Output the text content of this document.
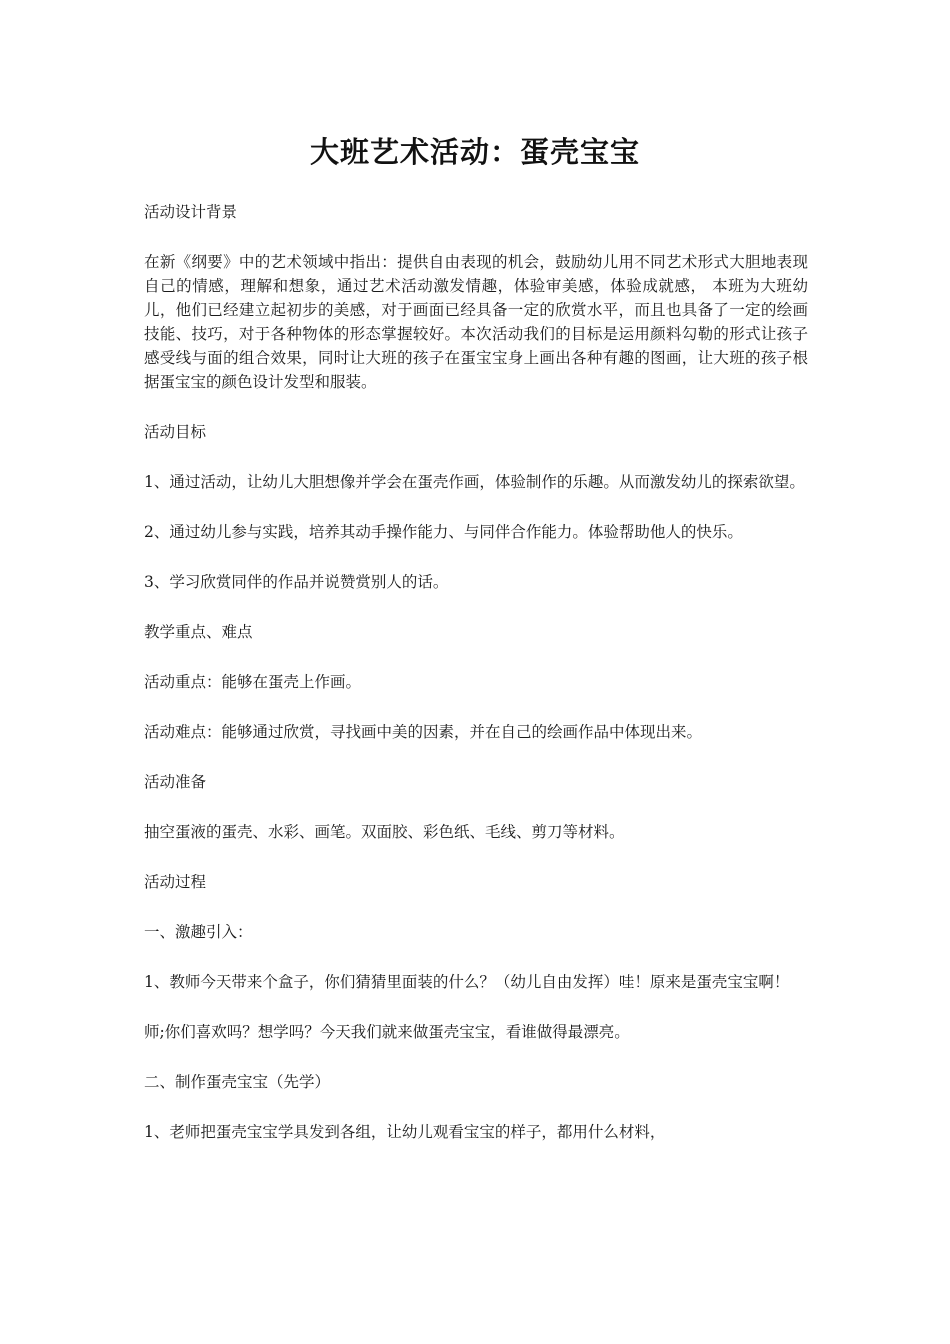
大班艺术活动：蛋壳宝宝

活动设计背景

在新《纲要》中的艺术领域中指出：提供自由表现的机会，鼓励幼儿用不同艺术形式大胆地表现自己的情感，理解和想象，通过艺术活动激发情趣，体验审美感，体验成就感， 本班为大班幼儿，他们已经建立起初步的美感，对于画面已经具备一定的欣赏水平，而且也具备了一定的绘画技能、技巧，对于各种物体的形态掌握较好。本次活动我们的目标是运用颜料勾勒的形式让孩子感受线与面的组合效果，同时让大班的孩子在蛋宝宝身上画出各种有趣的图画，让大班的孩子根据蛋宝宝的颜色设计发型和服装。

活动目标

1、通过活动，让幼儿大胆想像并学会在蛋壳作画，体验制作的乐趣。从而激发幼儿的探索欲望。

2、通过幼儿参与实践，培养其动手操作能力、与同伴合作能力。体验帮助他人的快乐。

3、学习欣赏同伴的作品并说赞赏别人的话。

教学重点、难点

活动重点：能够在蛋壳上作画。

活动难点：能够通过欣赏，寻找画中美的因素，并在自己的绘画作品中体现出来。

活动准备

抽空蛋液的蛋壳、水彩、画笔。双面胶、彩色纸、毛线、剪刀等材料。

活动过程

一、激趣引入：

1、教师今天带来个盒子，你们猜猜里面装的什么？（幼儿自由发挥）哇！原来是蛋壳宝宝啊！

师;你们喜欢吗？想学吗？今天我们就来做蛋壳宝宝，看谁做得最漂亮。

二、制作蛋壳宝宝（先学）

1、老师把蛋壳宝宝学具发到各组，让幼儿观看宝宝的样子，都用什么材料，
